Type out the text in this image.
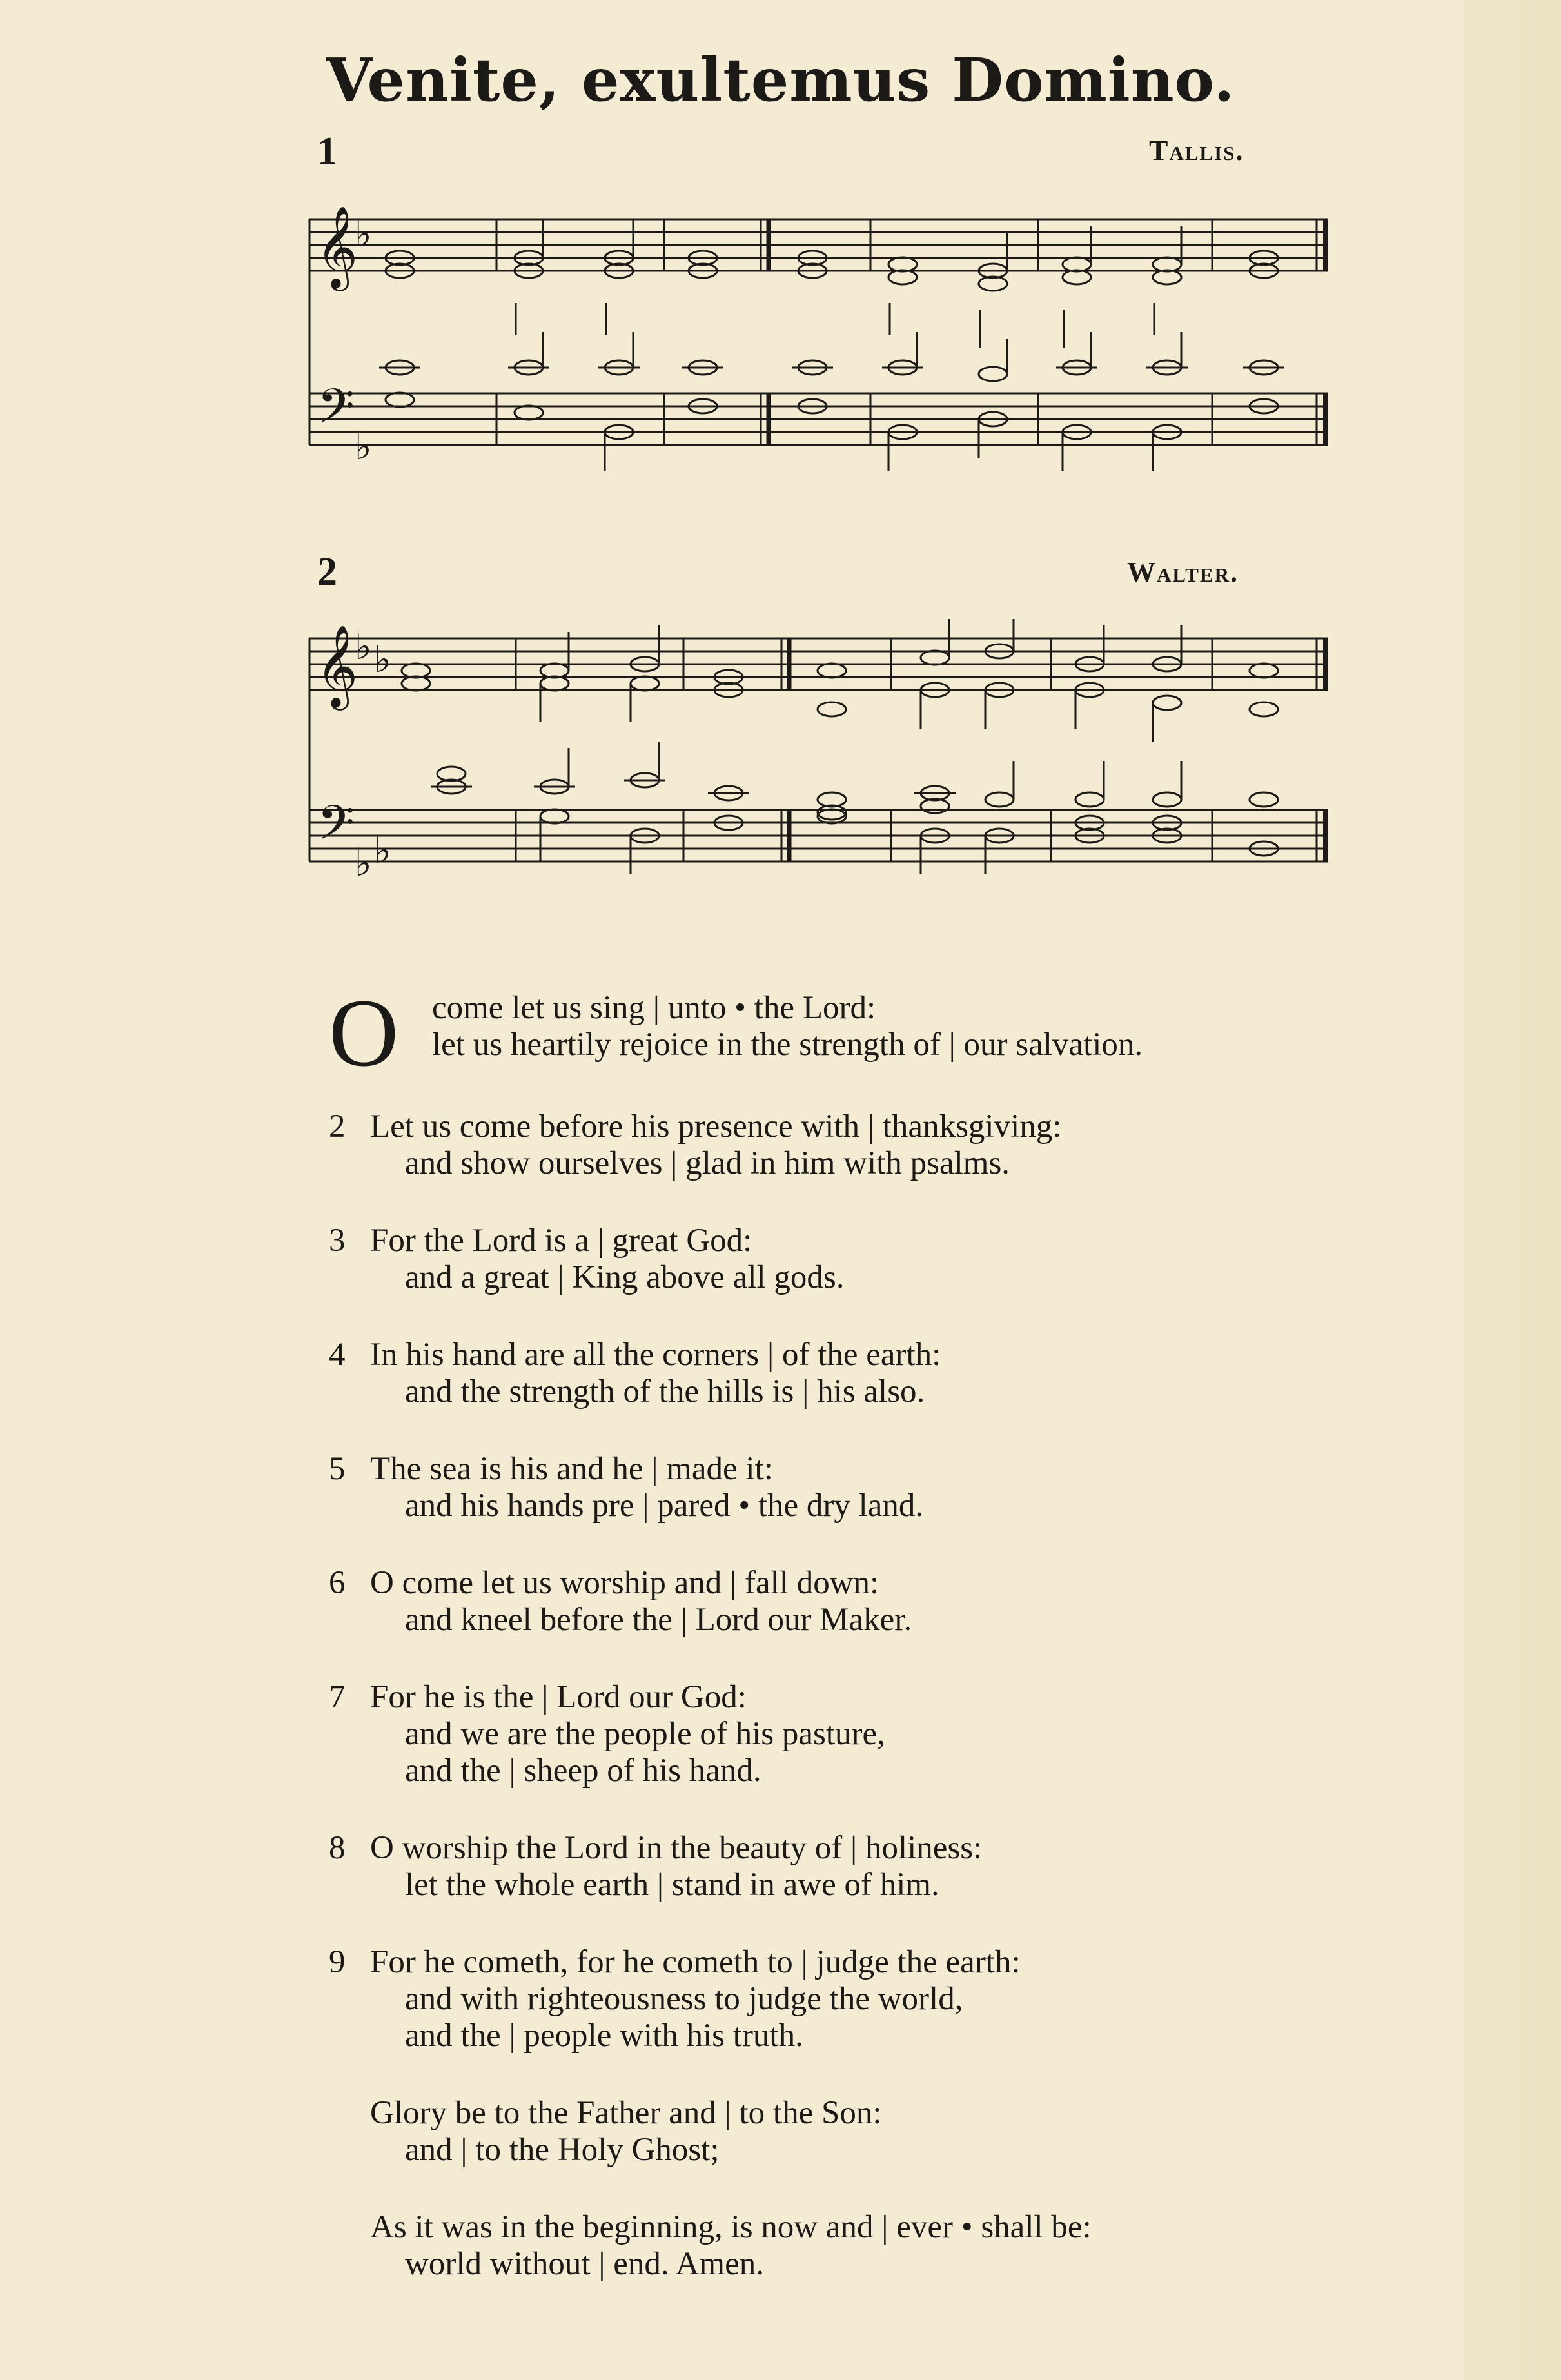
Venite, exultemus Domino.
1	Tallis.
𝄞
𝄢
♭
♭
2	Walter.
𝄞
𝄢
♭ ♭
♭ ♭
O	come let us sing | unto • the Lord:
let us heartily rejoice in the strength of | our salvation.
2 Let us come before his presence with | thanksgiving:
and show ourselves | glad in him with psalms.
3 For the Lord is a | great God:
and a great | King above all gods.
4 In his hand are all the corners | of the earth:
and the strength of the hills is | his also.
5 The sea is his and he | made it:
and his hands pre | pared • the dry land.
6 O come let us worship and | fall down:
and kneel before the | Lord our Maker.
7 For he is the | Lord our God:
and we are the people of his pasture,
and the | sheep of his hand.
8 O worship the Lord in the beauty of | holiness:
let the whole earth | stand in awe of him.
9 For he cometh, for he cometh to | judge the earth:
and with righteousness to judge the world,
and the | people with his truth.
Glory be to the Father and | to the Son:
and | to the Holy Ghost;
As it was in the beginning, is now and | ever • shall be:
world without | end. Amen.
